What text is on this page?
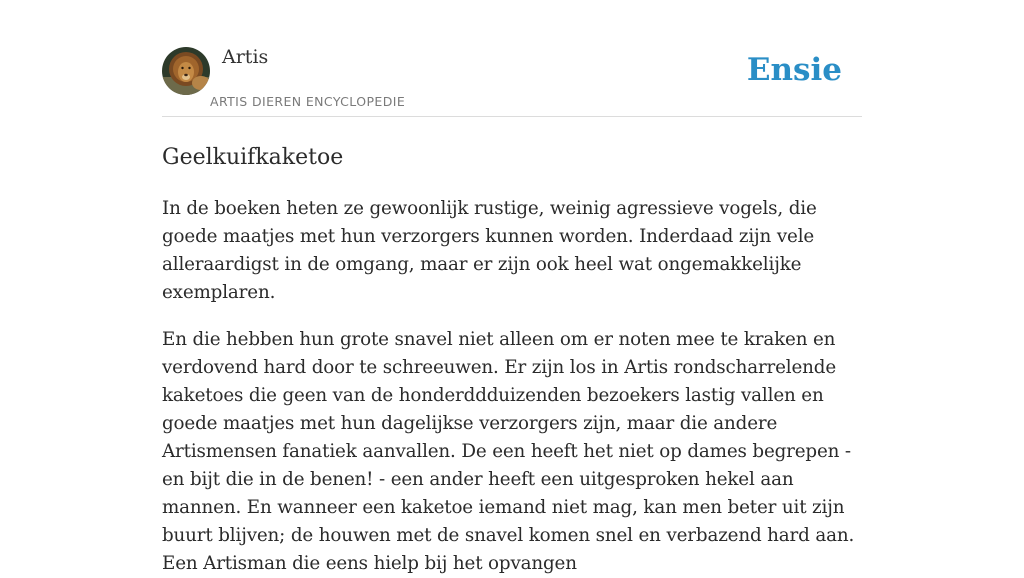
Artis
ARTIS DIEREN ENCYCLOPEDIE
Ensie
Geelkuifkaketoe

In de boeken heten ze gewoonlijk rustige, weinig agressieve vogels, die goede maatjes met hun verzorgers kunnen worden. Inderdaad zijn vele alleraardigst in de omgang, maar er zijn ook heel wat ongemakkelijke exemplaren.

En die hebben hun grote snavel niet alleen om er noten mee te kraken en verdovend hard door te schreeuwen. Er zijn los in Artis rondscharrelende kaketoes die geen van de honderddduizenden bezoekers lastig vallen en goede maatjes met hun dagelijkse verzorgers zijn, maar die andere Artismensen fanatiek aanvallen. De een heeft het niet op dames begrepen - en bijt die in de benen! - een ander heeft een uitgesproken hekel aan mannen. En wanneer een kaketoe iemand niet mag, kan men beter uit zijn buurt blijven; de houwen met de snavel komen snel en verbazend hard aan. Een Artisman die eens hielp bij het opvangen
